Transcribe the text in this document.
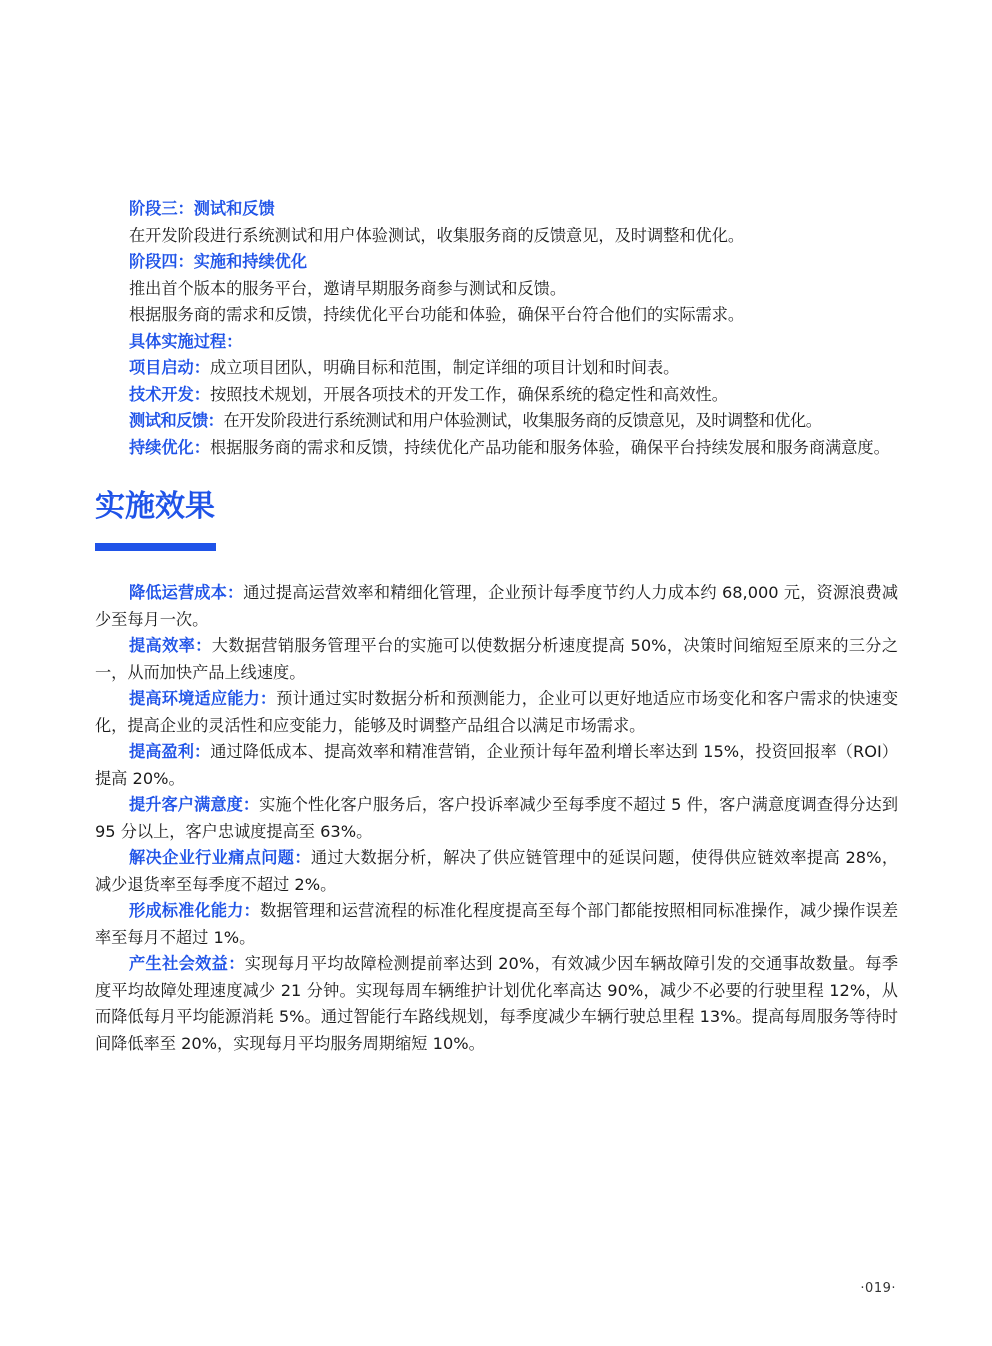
阶段三：测试和反馈

在开发阶段进行系统测试和用户体验测试，收集服务商的反馈意见，及时调整和优化。

阶段四：实施和持续优化

推出首个版本的服务平台，邀请早期服务商参与测试和反馈。

根据服务商的需求和反馈，持续优化平台功能和体验，确保平台符合他们的实际需求。

具体实施过程：

项目启动：成立项目团队，明确目标和范围，制定详细的项目计划和时间表。

技术开发：按照技术规划，开展各项技术的开发工作，确保系统的稳定性和高效性。

测试和反馈：在开发阶段进行系统测试和用户体验测试，收集服务商的反馈意见，及时调整和优化。

持续优化：根据服务商的需求和反馈，持续优化产品功能和服务体验，确保平台持续发展和服务商满意度。

实施效果

降低运营成本：通过提高运营效率和精细化管理，企业预计每季度节约人力成本约 68,000 元，资源浪费减少至每月一次。

提高效率：大数据营销服务管理平台的实施可以使数据分析速度提高 50%，决策时间缩短至原来的三分之一，从而加快产品上线速度。

提高环境适应能力：预计通过实时数据分析和预测能力，企业可以更好地适应市场变化和客户需求的快速变化，提高企业的灵活性和应变能力，能够及时调整产品组合以满足市场需求。

提高盈利：通过降低成本、提高效率和精准营销，企业预计每年盈利增长率达到 15%，投资回报率（ROI）提高 20%。

提升客户满意度：实施个性化客户服务后，客户投诉率减少至每季度不超过 5 件，客户满意度调查得分达到 95 分以上，客户忠诚度提高至 63%。

解决企业行业痛点问题：通过大数据分析，解决了供应链管理中的延误问题，使得供应链效率提高 28%，减少退货率至每季度不超过 2%。

形成标准化能力：数据管理和运营流程的标准化程度提高至每个部门都能按照相同标准操作，减少操作误差率至每月不超过 1%。

产生社会效益：实现每月平均故障检测提前率达到 20%，有效减少因车辆故障引发的交通事故数量。每季度平均故障处理速度减少 21 分钟。实现每周车辆维护计划优化率高达 90%，减少不必要的行驶里程 12%，从而降低每月平均能源消耗 5%。通过智能行车路线规划，每季度减少车辆行驶总里程 13%。提高每周服务等待时间降低率至 20%，实现每月平均服务周期缩短 10%。

·019·
